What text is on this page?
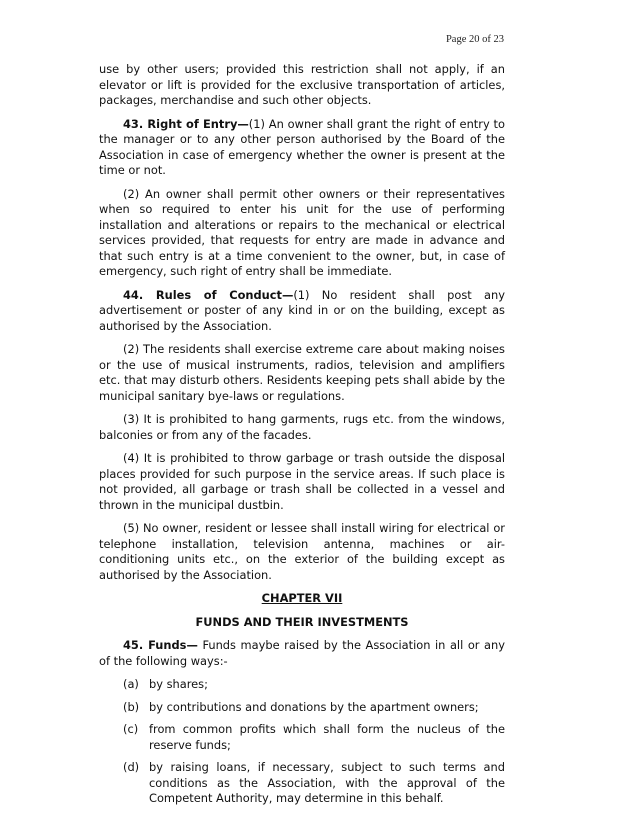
Page 20 of 23

use by other users; provided this restriction shall not apply, if an elevator or lift is provided for the exclusive transportation of articles, packages, merchandise and such other objects.

43. Right of Entry—(1) An owner shall grant the right of entry to the manager or to any other person authorised by the Board of the Association in case of emergency whether the owner is present at the time or not.

(2) An owner shall permit other owners or their representatives when so required to enter his unit for the use of performing installation and alterations or repairs to the mechanical or electrical services provided, that requests for entry are made in advance and that such entry is at a time convenient to the owner, but, in case of emergency, such right of entry shall be immediate.

44. Rules of Conduct—(1) No resident shall post any advertisement or poster of any kind in or on the building, except as authorised by the Association.

(2) The residents shall exercise extreme care about making noises or the use of musical instruments, radios, television and amplifiers etc. that may disturb others. Residents keeping pets shall abide by the municipal sanitary bye-laws or regulations.

(3) It is prohibited to hang garments, rugs etc. from the windows, balconies or from any of the facades.

(4) It is prohibited to throw garbage or trash outside the disposal places provided for such purpose in the service areas. If such place is not provided, all garbage or trash shall be collected in a vessel and thrown in the municipal dustbin.

(5) No owner, resident or lessee shall install wiring for electrical or telephone installation, television antenna, machines or air-conditioning units etc., on the exterior of the building except as authorised by the Association.

CHAPTER VII
FUNDS AND THEIR INVESTMENTS

45. Funds— Funds maybe raised by the Association in all or any of the following ways:-

(a) by shares;
(b) by contributions and donations by the apartment owners;
(c) from common profits which shall form the nucleus of the reserve funds;
(d) by raising loans, if necessary, subject to such terms and conditions as the Association, with the approval of the Competent Authority, may determine in this behalf.
